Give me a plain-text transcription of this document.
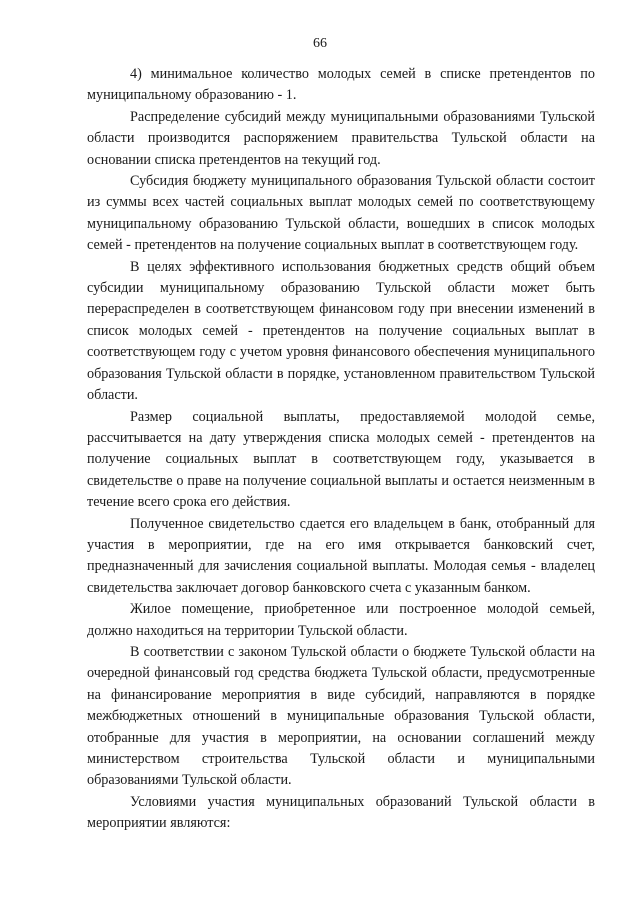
66

4) минимальное количество молодых семей в списке претендентов по муниципальному образованию - 1.

Распределение субсидий между муниципальными образованиями Тульской области производится распоряжением правительства Тульской области на основании списка претендентов на текущий год.

Субсидия бюджету муниципального образования Тульской области состоит из суммы всех частей социальных выплат молодых семей по соответствующему муниципальному образованию Тульской области, вошедших в список молодых семей - претендентов на получение социальных выплат в соответствующем году.

В целях эффективного использования бюджетных средств общий объем субсидии муниципальному образованию Тульской области может быть перераспределен в соответствующем финансовом году при внесении изменений в список молодых семей - претендентов на получение социальных выплат в соответствующем году с учетом уровня финансового обеспечения муниципального образования Тульской области в порядке, установленном правительством Тульской области.

Размер социальной выплаты, предоставляемой молодой семье, рассчитывается на дату утверждения списка молодых семей - претендентов на получение социальных выплат в соответствующем году, указывается в свидетельстве о праве на получение социальной выплаты и остается неизменным в течение всего срока его действия.

Полученное свидетельство сдается его владельцем в банк, отобранный для участия в мероприятии, где на его имя открывается банковский счет, предназначенный для зачисления социальной выплаты. Молодая семья - владелец свидетельства заключает договор банковского счета с указанным банком.

Жилое помещение, приобретенное или построенное молодой семьей, должно находиться на территории Тульской области.

В соответствии с законом Тульской области о бюджете Тульской области на очередной финансовый год средства бюджета Тульской области, предусмотренные на финансирование мероприятия в виде субсидий, направляются в порядке межбюджетных отношений в муниципальные образования Тульской области, отобранные для участия в мероприятии, на основании соглашений между министерством строительства Тульской области и муниципальными образованиями Тульской области.

Условиями участия муниципальных образований Тульской области в мероприятии являются:
